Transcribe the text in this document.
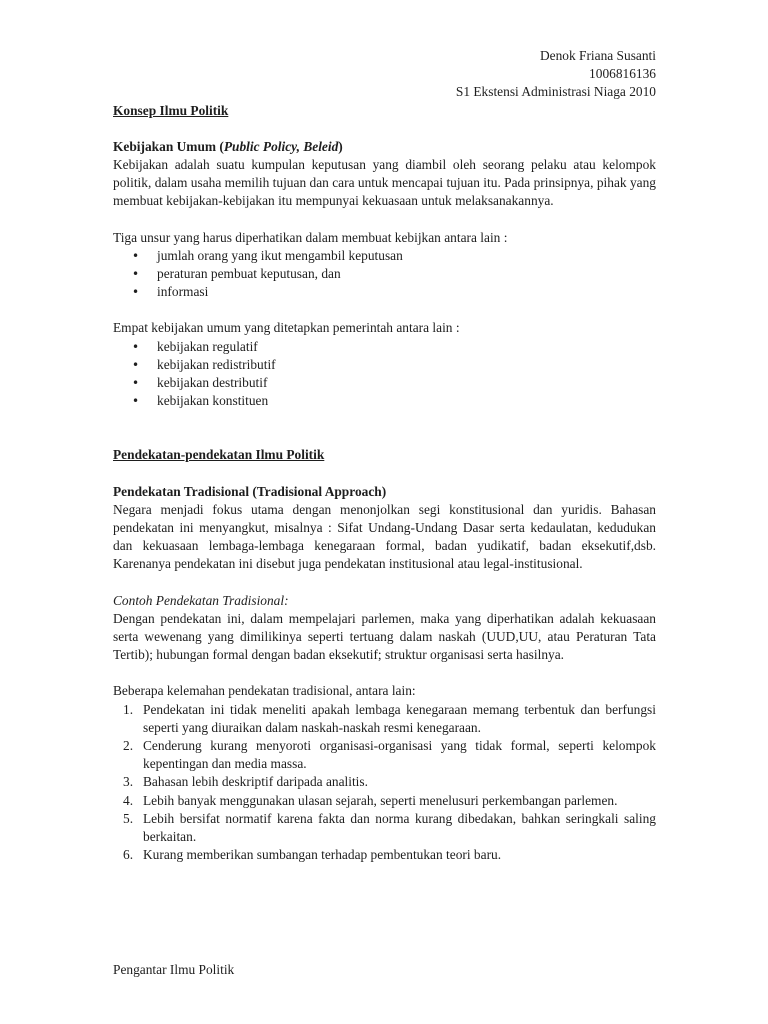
Denok Friana Susanti
1006816136
S1 Ekstensi Administrasi Niaga 2010
Konsep Ilmu Politik
Kebijakan Umum (Public Policy, Beleid)
Kebijakan adalah suatu kumpulan keputusan yang diambil oleh seorang pelaku atau kelompok politik, dalam usaha memilih tujuan dan cara untuk mencapai tujuan itu. Pada prinsipnya, pihak yang membuat kebijakan-kebijakan itu mempunyai kekuasaan untuk melaksanakannya.
Tiga unsur yang harus diperhatikan dalam membuat kebijkan antara lain :
• jumlah orang yang ikut mengambil keputusan
• peraturan pembuat keputusan, dan
• informasi
Empat kebijakan umum yang ditetapkan pemerintah antara lain :
• kebijakan regulatif
• kebijakan redistributif
• kebijakan destributif
• kebijakan konstituen
Pendekatan-pendekatan Ilmu Politik
Pendekatan Tradisional (Tradisional Approach)
Negara menjadi fokus utama dengan menonjolkan segi konstitusional dan yuridis. Bahasan pendekatan ini menyangkut, misalnya : Sifat Undang-Undang Dasar serta kedaulatan, kedudukan dan kekuasaan lembaga-lembaga kenegaraan formal, badan yudikatif, badan eksekutif,dsb. Karenanya pendekatan ini disebut juga pendekatan institusional atau legal-institusional.
Contoh Pendekatan Tradisional:
Dengan pendekatan ini, dalam mempelajari parlemen, maka yang diperhatikan adalah kekuasaan serta wewenang yang dimilikinya seperti tertuang dalam naskah (UUD,UU, atau Peraturan Tata Tertib); hubungan formal dengan badan eksekutif; struktur organisasi serta hasilnya.
Beberapa kelemahan pendekatan tradisional, antara lain:
1. Pendekatan ini tidak meneliti apakah lembaga kenegaraan memang terbentuk dan berfungsi seperti yang diuraikan dalam naskah-naskah resmi kenegaraan.
2. Cenderung kurang menyoroti organisasi-organisasi yang tidak formal, seperti kelompok kepentingan dan media massa.
3. Bahasan lebih deskriptif daripada analitis.
4. Lebih banyak menggunakan ulasan sejarah, seperti menelusuri perkembangan parlemen.
5. Lebih bersifat normatif karena fakta dan norma kurang dibedakan, bahkan seringkali saling berkaitan.
6. Kurang memberikan sumbangan terhadap pembentukan teori baru.
Pengantar Ilmu Politik
